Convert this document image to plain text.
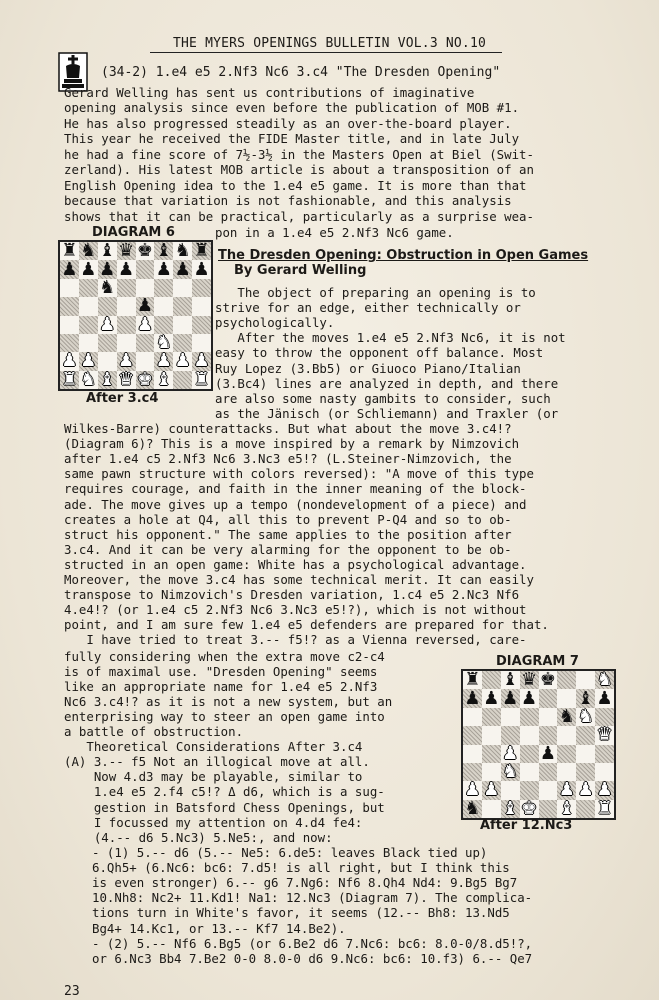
THE MYERS OPENINGS BULLETIN VOL.3 NO.10
(34-2) 1.e4 e5 2.Nf3 Nc6 3.c4 "The Dresden Opening"
Gerard Welling has sent us contributions of imaginative
opening analysis since even before the publication of MOB #1.
He has also progressed steadily as an over-the-board player.
This year he received the FIDE Master title, and in late July
he had a fine score of 7½-3½ in the Masters Open at Biel (Swit-
zerland). His latest MOB article is about a transposition of an
English Opening idea to the 1.e4 e5 game. It is more than that
because that variation is not fashionable, and this analysis
shows that it can be practical, particularly as a surprise wea-
DIAGRAM 6
♜ ♞ ♝ ♛ ♚ ♝ ♞ ♜
♟ ♟ ♟ ♟ ♟ ♟ ♟
♞
♟
♟ ♟
♞
♟ ♟ ♟ ♟ ♟ ♟
♜ ♞ ♝ ♛ ♚ ♝ ♜
After 3.c4
pon in a 1.e4 e5 2.Nf3 Nc6 game.
The Dresden Opening: Obstruction in Open Games
By Gerard Welling
The object of preparing an opening is to
strive for an edge, either technically or
psychologically.
After the moves 1.e4 e5 2.Nf3 Nc6, it is not
easy to throw the opponent off balance. Most
Ruy Lopez (3.Bb5) or Giuoco Piano/Italian
(3.Bc4) lines are analyzed in depth, and there
are also some nasty gambits to consider, such
as the Jänisch (or Schliemann) and Traxler (or
Wilkes-Barre) counterattacks. But what about the move 3.c4!?
(Diagram 6)? This is a move inspired by a remark by Nimzovich
after 1.e4 c5 2.Nf3 Nc6 3.Nc3 e5!? (L.Steiner-Nimzovich, the
same pawn structure with colors reversed): "A move of this type
requires courage, and faith in the inner meaning of the block-
ade. The move gives up a tempo (nondevelopment of a piece) and
creates a hole at Q4, all this to prevent P-Q4 and so to ob-
struct his opponent." The same applies to the position after
3.c4. And it can be very alarming for the opponent to be ob-
structed in an open game: White has a psychological advantage.
Moreover, the move 3.c4 has some technical merit. It can easily
transpose to Nimzovich's Dresden variation, 1.c4 e5 2.Nc3 Nf6
4.e4!? (or 1.e4 c5 2.Nf3 Nc6 3.Nc3 e5!?), which is not without
point, and I am sure few 1.e4 e5 defenders are prepared for that.
I have tried to treat 3.-- f5!? as a Vienna reversed, care-
fully considering when the extra move c2-c4
is of maximal use. "Dresden Opening" seems
like an appropriate name for 1.e4 e5 2.Nf3
Nc6 3.c4!? as it is not a new system, but an
enterprising way to steer an open game into
a battle of obstruction.
Theoretical Considerations After 3.c4
(A) 3.-- f5 Not an illogical move at all.
Now 4.d3 may be playable, similar to
1.e4 e5 2.f4 c5!? Δ d6, which is a sug-
gestion in Batsford Chess Openings, but
I focussed my attention on 4.d4 fe4:
(4.-- d6 5.Nc3) 5.Ne5:, and now:
DIAGRAM 7
♜ ♝ ♛ ♚ ♞
♟ ♟ ♟ ♟ ♝ ♟
♞ ♞
♛
♟ ♟
♞
♟ ♟	♟ ♟ ♟
♞ ♝ ♚ ♝ ♜
After 12.Nc3
- (1) 5.-- d6 (5.-- Ne5: 6.de5: leaves Black tied up)
6.Qh5+ (6.Nc6: bc6: 7.d5! is all right, but I think this
is even stronger) 6.-- g6 7.Ng6: Nf6 8.Qh4 Nd4: 9.Bg5 Bg7
10.Nh8: Nc2+ 11.Kd1! Na1: 12.Nc3 (Diagram 7). The complica-
tions turn in White's favor, it seems (12.-- Bh8: 13.Nd5
Bg4+ 14.Kc1, or 13.-- Kf7 14.Be2).
- (2) 5.-- Nf6 6.Bg5 (or 6.Be2 d6 7.Nc6: bc6: 8.0-0/8.d5!?,
or 6.Nc3 Bb4 7.Be2 0-0 8.0-0 d6 9.Nc6: bc6: 10.f3) 6.-- Qe7
23
